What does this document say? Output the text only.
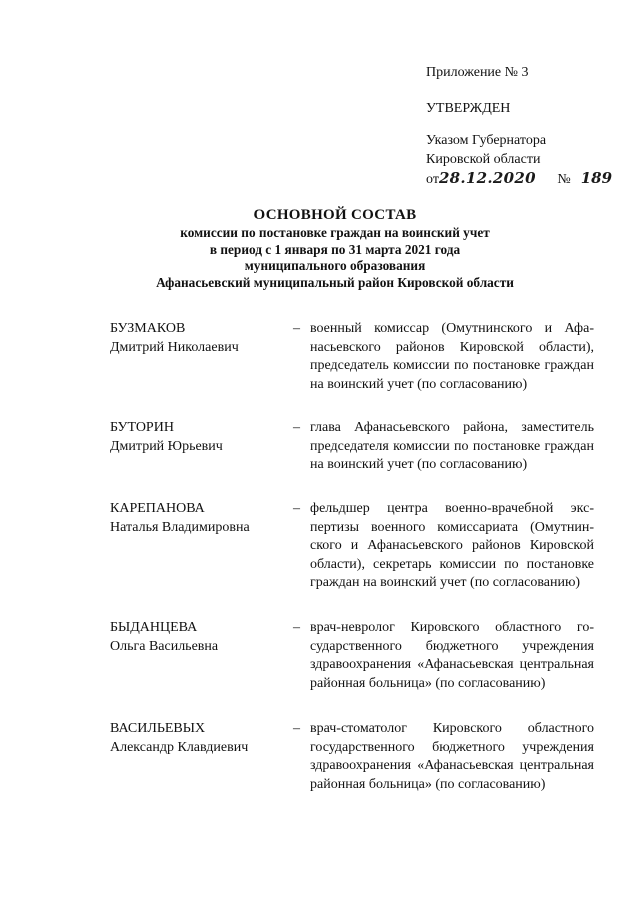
Приложение № 3
УТВЕРЖДЕН
Указом Губернатора
Кировской области
от28.12.2020 № 189
ОСНОВНОЙ СОСТАВ
комиссии по постановке граждан на воинский учет
в период с 1 января по 31 марта 2021 года
муниципального образования
Афанасьевский муниципальный район Кировской области
БУЗМАКОВ
Дмитрий Николаевич
– военный комиссар (Омутнинского и Афанасьевского районов Кировской области), председатель комиссии по постановке граждан на воинский учет (по согласованию)
БУТОРИН
Дмитрий Юрьевич
– глава Афанасьевского района, заместитель председателя комиссии по постановке граждан на воинский учет (по согласованию)
КАРЕПАНОВА
Наталья Владимировна
– фельдшер центра военно-врачебной экспертизы военного комиссариата (Омутнинского и Афанасьевского районов Кировской области), секретарь комиссии по постановке граждан на воинский учет (по согласованию)
БЫДАНЦЕВА
Ольга Васильевна
– врач-невролог Кировского областного государственного бюджетного учреждения здравоохранения «Афанасьевская центральная районная больница» (по согласованию)
ВАСИЛЬЕВЫХ
Александр Клавдиевич
– врач-стоматолог Кировского областного государственного бюджетного учреждения здравоохранения «Афанасьевская центральная районная больница» (по согласованию)
